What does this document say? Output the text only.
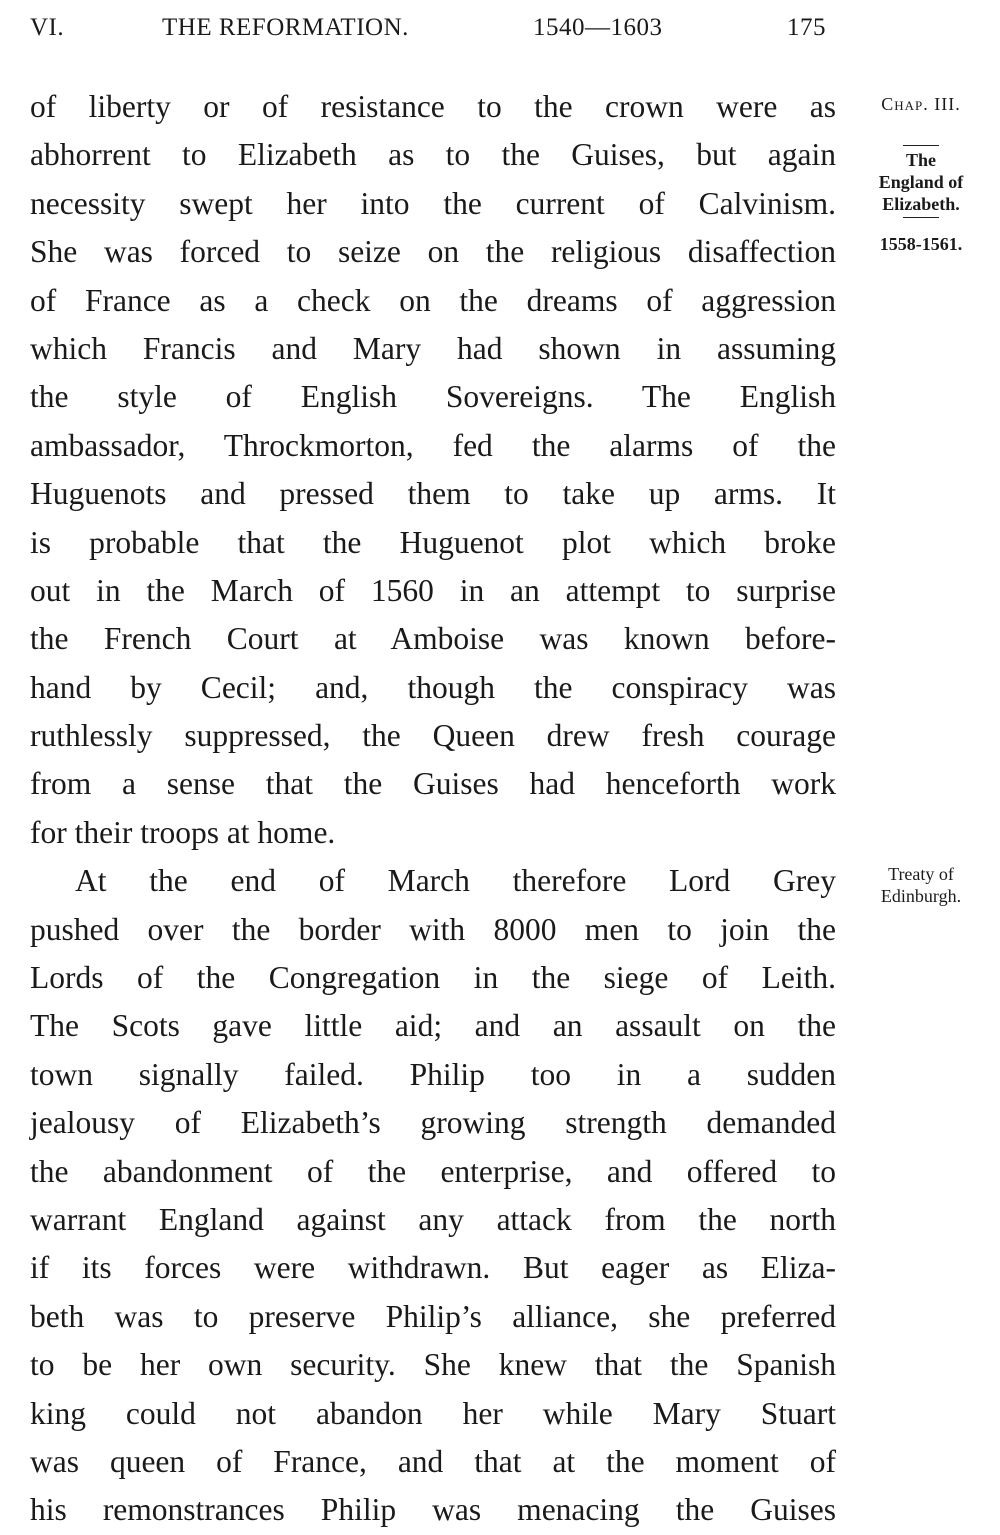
VI.	THE REFORMATION.	1540—1603	175
of liberty or of resistance to the crown were as
abhorrent to Elizabeth as to the Guises, but again
necessity swept her into the current of Calvinism.
She was forced to seize on the religious disaffection
of France as a check on the dreams of aggression
which Francis and Mary had shown in assuming
the style of English Sovereigns. The English
ambassador, Throckmorton, fed the alarms of the
Huguenots and pressed them to take up arms. It
is probable that the Huguenot plot which broke
out in the March of 1560 in an attempt to surprise
the French Court at Amboise was known before-
hand by Cecil; and, though the conspiracy was
ruthlessly suppressed, the Queen drew fresh courage
from a sense that the Guises had henceforth work
for their troops at home.
At the end of March therefore Lord Grey
pushed over the border with 8000 men to join the
Lords of the Congregation in the siege of Leith.
The Scots gave little aid; and an assault on the
town signally failed. Philip too in a sudden
jealousy of Elizabeth’s growing strength demanded
the abandonment of the enterprise, and offered to
warrant England against any attack from the north
if its forces were withdrawn. But eager as Eliza-
beth was to preserve Philip’s alliance, she preferred
to be her own security. She knew that the Spanish
king could not abandon her while Mary Stuart
was queen of France, and that at the moment of
his remonstrances Philip was menacing the Guises
Chap. III.
The
England of
Elizabeth.
1558-1561.
Treaty of
Edinburgh.
